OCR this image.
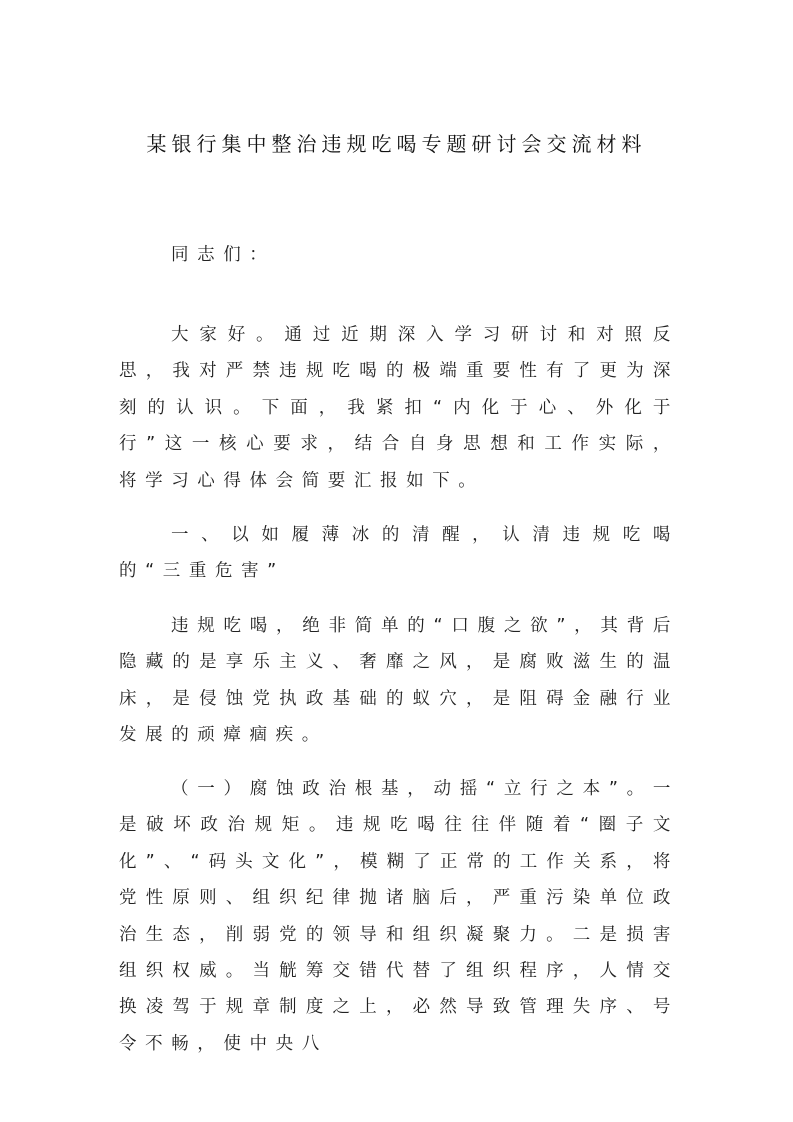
某银行集中整治违规吃喝专题研讨会交流材料

同志们：

大家好。通过近期深入学习研讨和对照反思，我对严禁违规吃喝的极端重要性有了更为深刻的认识。下面，我紧扣“内化于心、外化于行”这一核心要求，结合自身思想和工作实际，将学习心得体会简要汇报如下。

一、以如履薄冰的清醒，认清违规吃喝的“三重危害”

违规吃喝，绝非简单的“口腹之欲”，其背后隐藏的是享乐主义、奢靡之风，是腐败滋生的温床，是侵蚀党执政基础的蚁穴，是阻碍金融行业发展的顽瘴痼疾。

（一）腐蚀政治根基，动摇“立行之本”。一是破坏政治规矩。违规吃喝往往伴随着“圈子文化”、“码头文化”，模糊了正常的工作关系，将党性原则、组织纪律抛诸脑后，严重污染单位政治生态，削弱党的领导和组织凝聚力。二是损害组织权威。当觥筹交错代替了组织程序，人情交换凌驾于规章制度之上，必然导致管理失序、号令不畅，使中央八
